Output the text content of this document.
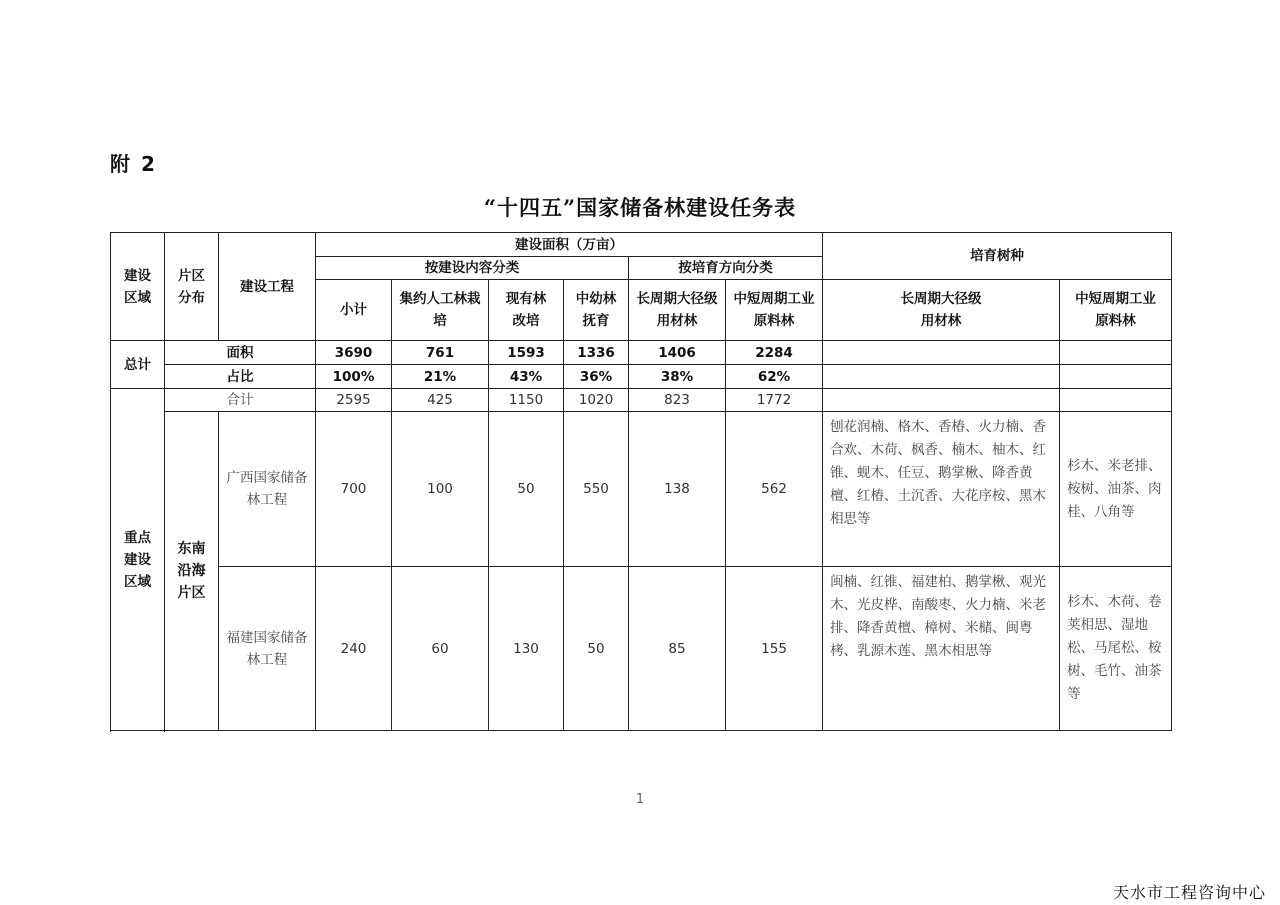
附 2
“十四五”国家储备林建设任务表
建设区域	片区分布	建设工程	建设面积（万亩）						培育树种	
			按建设内容分类				按培育方向分类			
			小计	集约人工林栽培	现有林改培	中幼林抚育	长周期大径级用材林	中短周期工业原料林	长周期大径级用材林	中短周期工业原料林

总计	面积		3690	761	1593	1336	1406	2284		
	占比		100%	21%	43%	36%	38%	62%		

重点建设区域	合计		2595	425	1150	1020	823	1772		

	东南沿海片区	广西国家储备林工程	700	100	50	550	138	562	刨花润楠、格木、香椿、火力楠、香合欢、木荷、枫香、楠木、柚木、红锥、蚬木、任豆、鹅掌楸、降香黄檀、红椿、土沉香、大花序桉、黑木相思等	杉木、米老排、桉树、油茶、肉桂、八角等

		福建国家储备林工程	240	60	130	50	85	155	闽楠、红锥、福建柏、鹅掌楸、观光木、光皮桦、南酸枣、火力楠、米老排、降香黄檀、樟树、米槠、闽粤栲、乳源木莲、黑木相思等	杉木、木荷、卷荚相思、湿地松、马尾松、桉树、毛竹、油茶等

1
天水市工程咨询中心
